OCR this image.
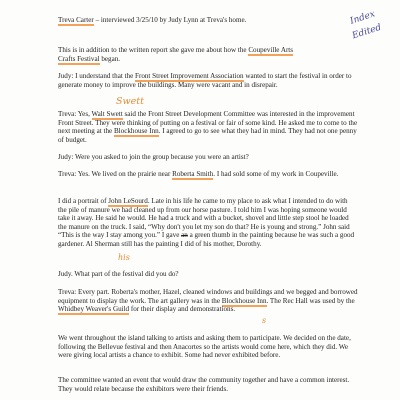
Treva Carter – interviewed 3/25/10 by Judy Lynn at Treva's home.	Index
Edited

This is in addition to the written report she gave me about how the Coupeville Arts
Crafts Festival began.

Judy: I understand that the Front Street Improvement Association wanted to start the festival in order to generate money to improve the buildings. Many were vacant and in disrepair.

Swett

Treva: Yes, Walt Swett said the Front Street Development Committee was interested in the improvement Front Street. They were thinking of putting on a festival or fair of some kind. He asked me to come to the next meeting at the Blockhouse Inn. I agreed to go to see what they had in mind. They had not one penny of budget.

Judy: Were you asked to join the group because you were an artist?

Treva: Yes. We lived on the prairie near Roberta Smith. I had sold some of my work in Coupeville.

I did a portrait of John LeSourd. Late in his life he came to my place to ask what I intended to do with the pile of manure we had cleaned up from our horse pasture. I told him I was hoping someone would take it away. He said he would. He had a truck and with a bucket, shovel and little step stool he loaded the manure on the truck. I said, “Why don't you let my son do that? He is young and strong.” John said “This is the way I stay among you.” I gave an a green thumb in the painting because he was such a good gardener. Al Sherman still has the painting I did of his mother, Dorothy.

his

Judy. What part of the festival did you do?

Treva: Every part. Roberta's mother, Hazel, cleaned windows and buildings and we begged and borrowed equipment to display the work. The art gallery was in the Blockhouse Inn. The Rec Hall was used by the Whidbey Weaver's Guild for their display and demonstrations.

s

We went throughout the island talking to artists and asking them to participate. We decided on the date, following the Bellevue festival and then Anacortes so the artists would come here, which they did. We were giving local artists a chance to exhibit. Some had never exhibited before.

The committee wanted an event that would draw the community together and have a common interest. They would relate because the exhibitors were their friends.
